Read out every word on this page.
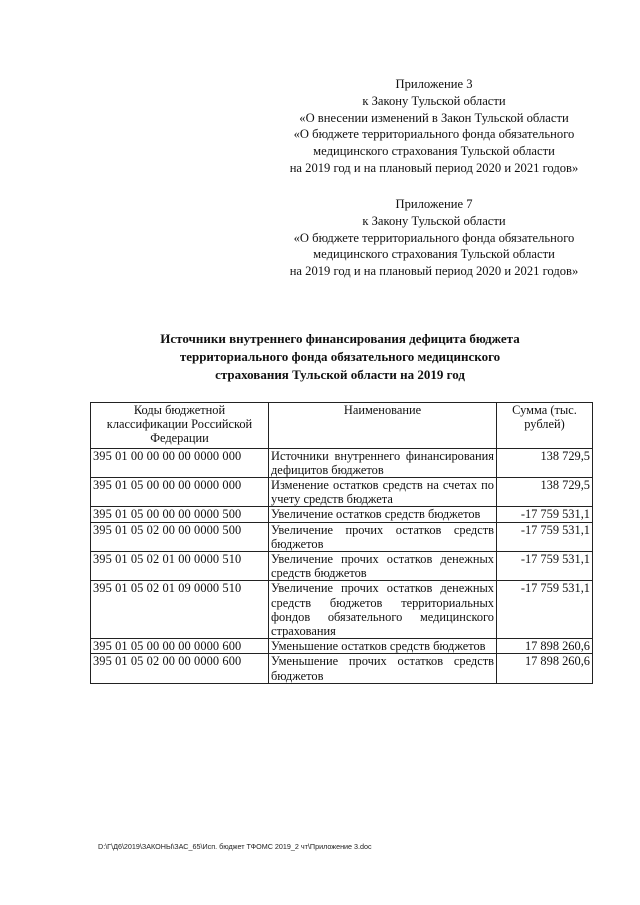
Приложение 3
к Закону Тульской области
«О внесении изменений в Закон Тульской области
«О бюджете территориального фонда обязательного
медицинского страхования Тульской области
на 2019 год и на плановый период 2020 и 2021 годов»
Приложение 7
к Закону Тульской области
«О бюджете территориального фонда обязательного
медицинского страхования Тульской области
на 2019 год и на плановый период 2020 и 2021 годов»
Источники внутреннего финансирования дефицита бюджета
территориального фонда обязательного медицинского
страхования Тульской области на 2019 год
Коды бюджетной классификации Российской Федерации	Наименование	Сумма (тыс. рублей)
395 01 00 00 00 00 0000 000	Источники внутреннего финансирования дефицитов бюджетов	138 729,5
395 01 05 00 00 00 0000 000	Изменение остатков средств на счетах по учету средств бюджета	138 729,5
395 01 05 00 00 00 0000 500	Увеличение остатков средств бюджетов	-17 759 531,1
395 01 05 02 00 00 0000 500	Увеличение прочих остатков средств бюджетов	-17 759 531,1
395 01 05 02 01 00 0000 510	Увеличение прочих остатков денежных средств бюджетов	-17 759 531,1
395 01 05 02 01 09 0000 510	Увеличение прочих остатков денежных средств бюджетов территориальных фондов обязательного медицинского страхования	-17 759 531,1
395 01 05 00 00 00 0000 600	Уменьшение остатков средств бюджетов	17 898 260,6
395 01 05 02 00 00 0000 600	Уменьшение прочих остатков средств бюджетов	17 898 260,6
D:\Г\Д6\2019\ЗАКОНЫ\ЗАС_65\Исп. бюджет ТФОМС 2019_2 чт\Приложение 3.doc
